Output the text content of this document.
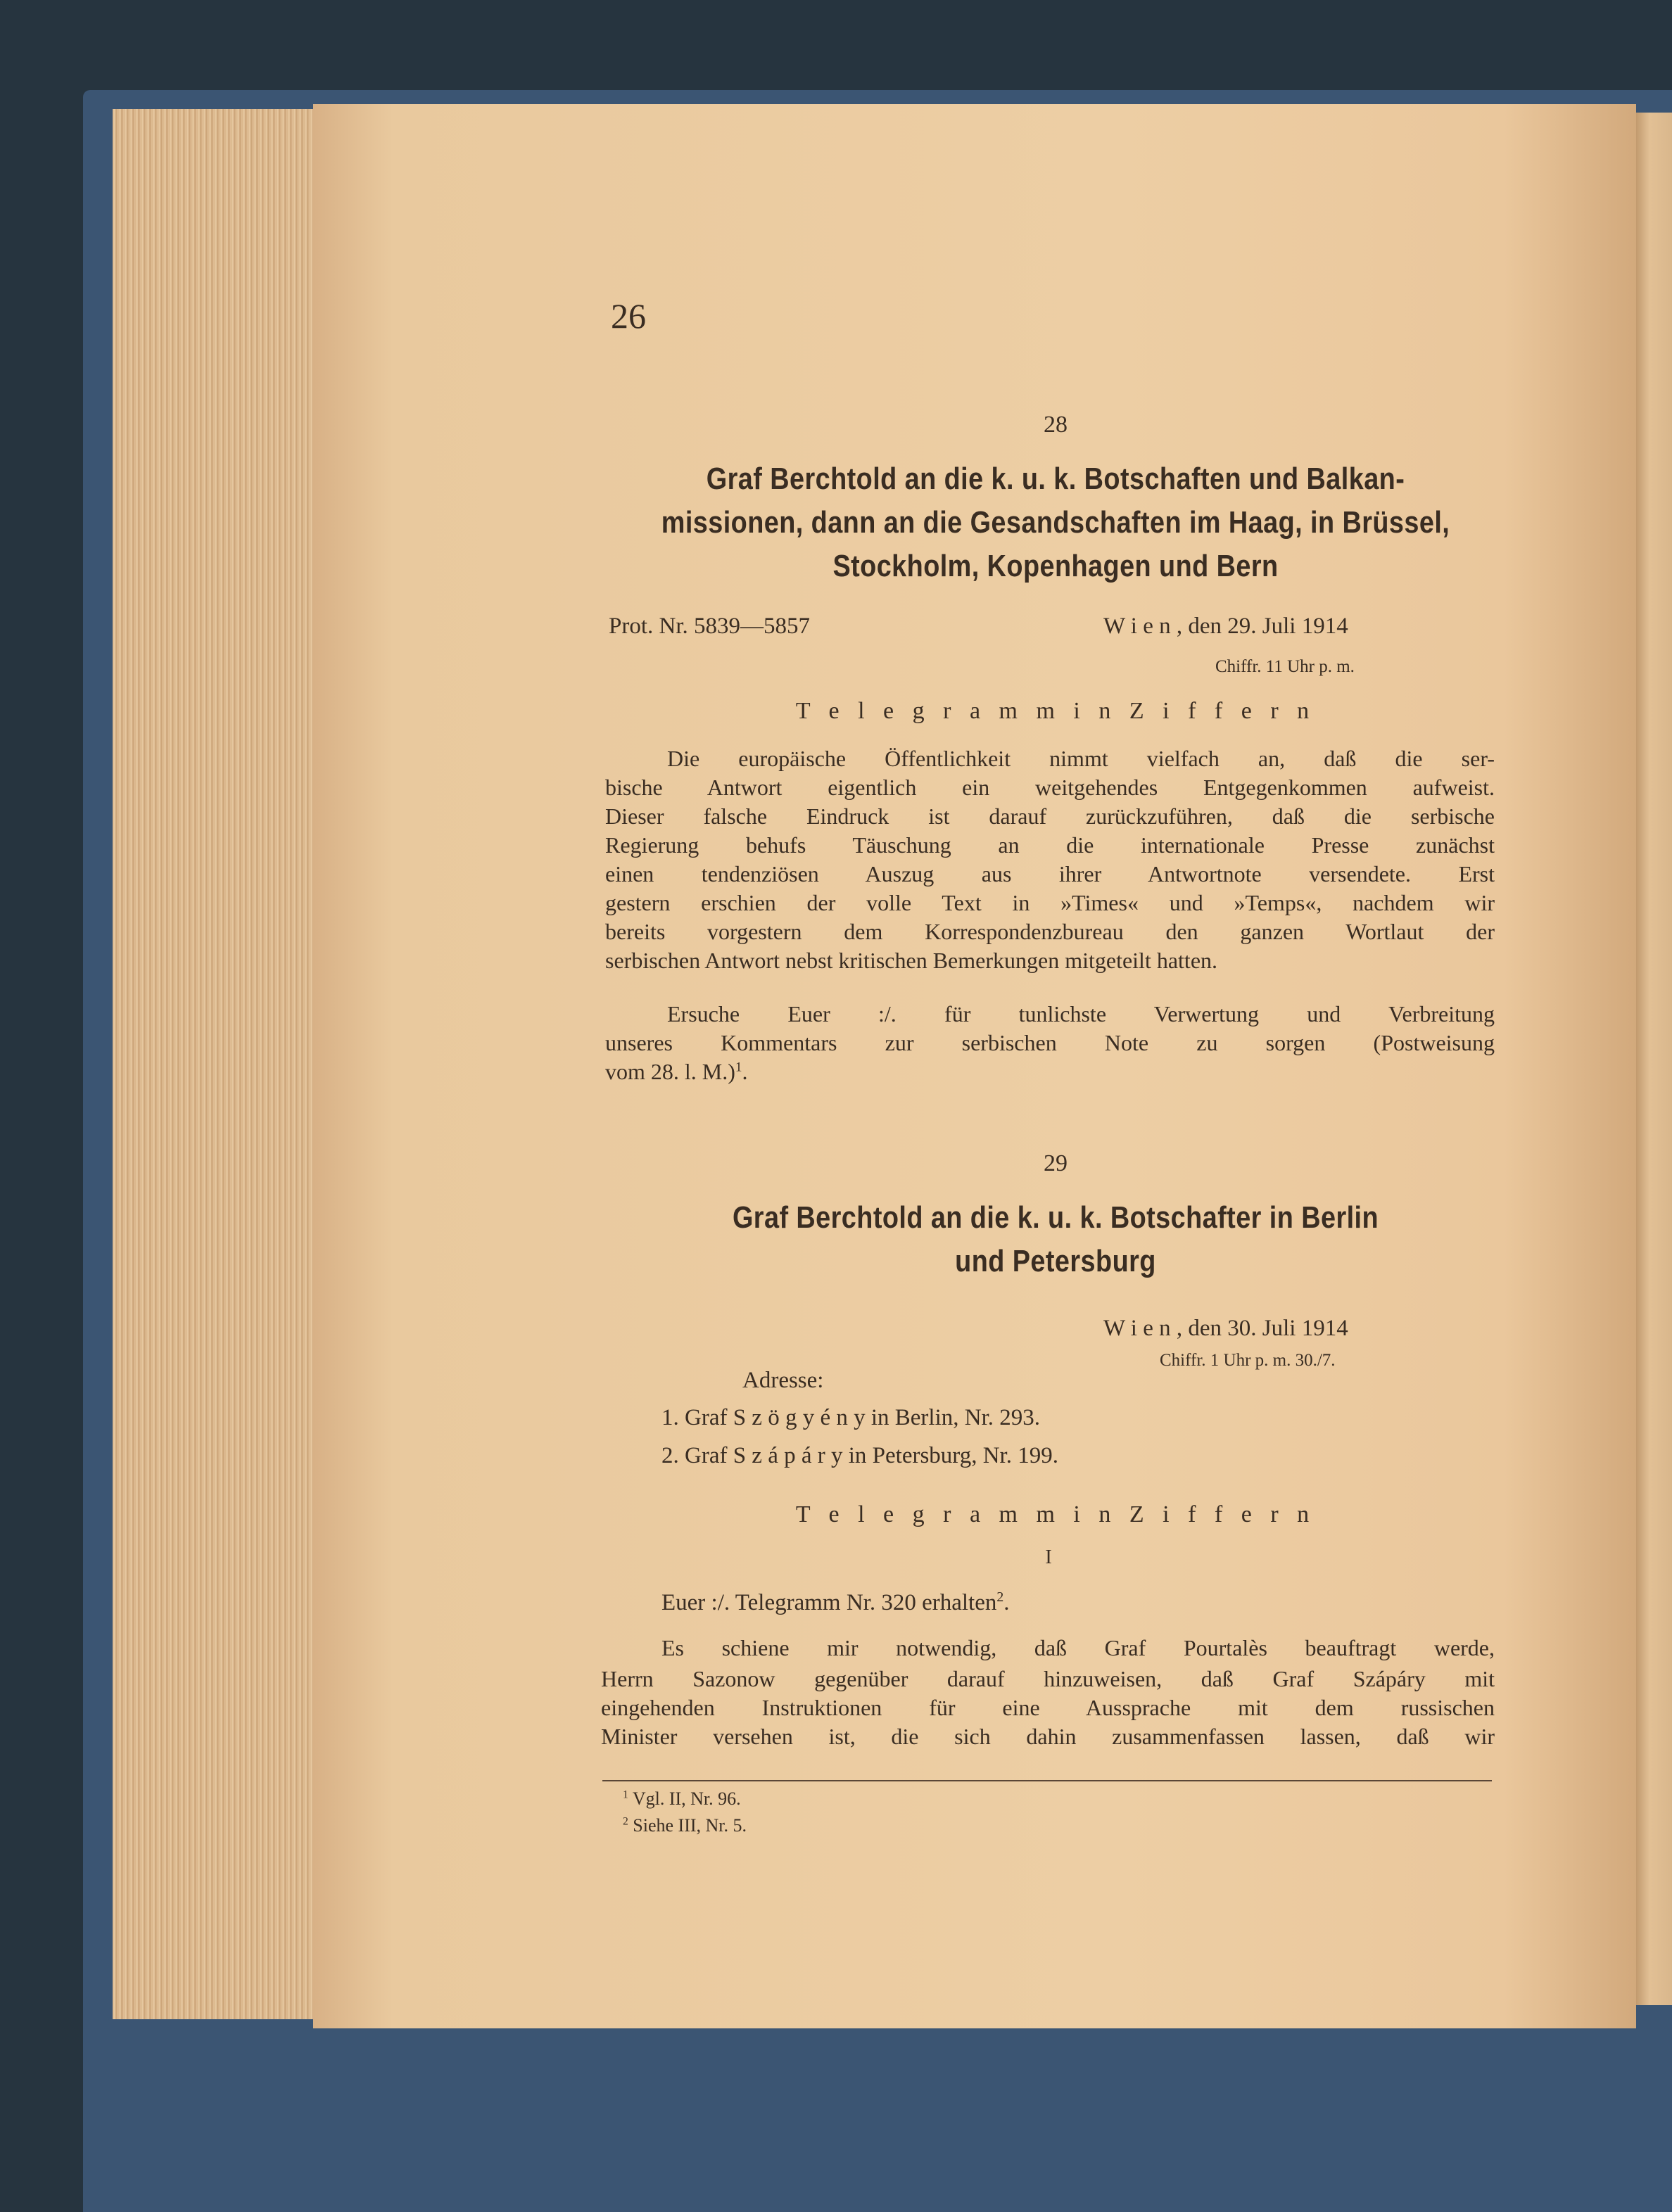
26
28
Graf Berchtold an die k. u. k. Botschaften und Balkan-
missionen, dann an die Gesandschaften im Haag, in Brüssel,
Stockholm, Kopenhagen und Bern
Prot. Nr. 5839—5857	W i e n , den 29. Juli 1914
Chiffr. 11 Uhr p. m.
T e l e g r a m m i n Z i f f e r n
Die europäische Öffentlichkeit nimmt vielfach an, daß die ser-
bische Antwort eigentlich ein weitgehendes Entgegenkommen aufweist.
Dieser falsche Eindruck ist darauf zurückzuführen, daß die serbische
Regierung behufs Täuschung an die internationale Presse zunächst
einen tendenziösen Auszug aus ihrer Antwortnote versendete. Erst
gestern erschien der volle Text in »Times« und »Temps«, nachdem wir
bereits vorgestern dem Korrespondenzbureau den ganzen Wortlaut der
serbischen Antwort nebst kritischen Bemerkungen mitgeteilt hatten.
Ersuche Euer :/. für tunlichste Verwertung und Verbreitung
unseres Kommentars zur serbischen Note zu sorgen (Postweisung
vom 28. l. M.)$^1$.
29
Graf Berchtold an die k. u. k. Botschafter in Berlin
und Petersburg
W i e n , den 30. Juli 1914
Chiffr. 1 Uhr p. m. 30./7.
Adresse:
1. Graf S z ö g y é n y in Berlin, Nr. 293.
2. Graf S z á p á r y in Petersburg, Nr. 199.
T e l e g r a m m i n Z i f f e r n
I
Euer :/. Telegramm Nr. 320 erhalten$^2$.
Es schiene mir notwendig, daß Graf Pourtalès beauftragt werde,
Herrn Sazonow gegenüber darauf hinzuweisen, daß Graf Szápáry mit
eingehenden Instruktionen für eine Aussprache mit dem russischen
Minister versehen ist, die sich dahin zusammenfassen lassen, daß wir
$^1$ Vgl. II, Nr. 96.
$^2$ Siehe III, Nr. 5.
